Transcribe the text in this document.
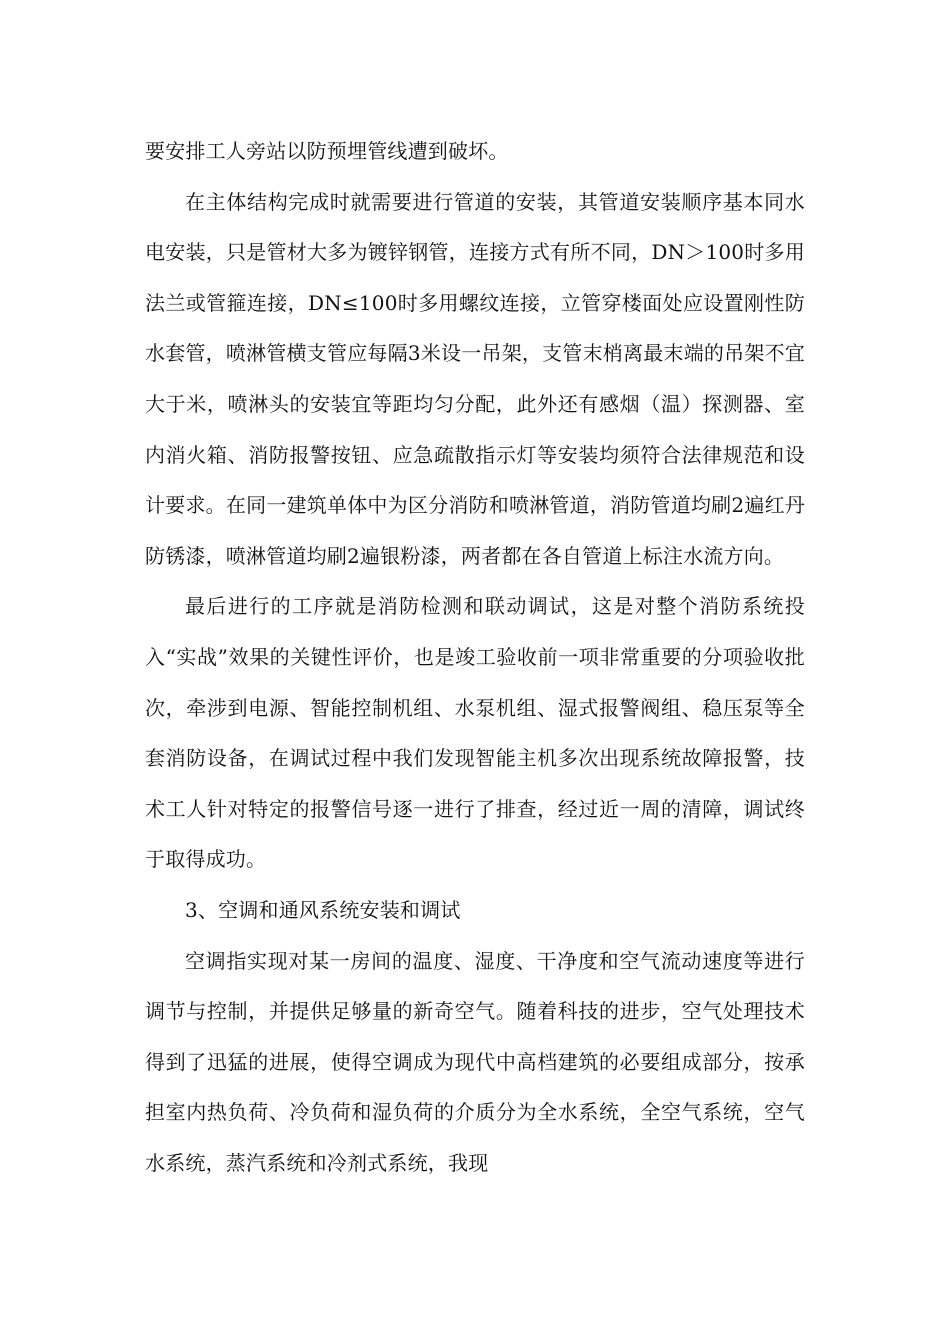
要安排工人旁站以防预埋管线遭到破坏。

在主体结构完成时就需要进行管道的安装，其管道安装顺序基本同水电安装，只是管材大多为镀锌钢管，连接方式有所不同，DN＞100时多用法兰或管箍连接，DN≤100时多用螺纹连接，立管穿楼面处应设置刚性防水套管，喷淋管横支管应每隔3米设一吊架，支管末梢离最末端的吊架不宜大于米，喷淋头的安装宜等距均匀分配，此外还有感烟（温）探测器、室内消火箱、消防报警按钮、应急疏散指示灯等安装均须符合法律规范和设计要求。在同一建筑单体中为区分消防和喷淋管道，消防管道均刷2遍红丹防锈漆，喷淋管道均刷2遍银粉漆，两者都在各自管道上标注水流方向。

最后进行的工序就是消防检测和联动调试，这是对整个消防系统投入“实战”效果的关键性评价，也是竣工验收前一项非常重要的分项验收批次，牵涉到电源、智能控制机组、水泵机组、湿式报警阀组、稳压泵等全套消防设备，在调试过程中我们发现智能主机多次出现系统故障报警，技术工人针对特定的报警信号逐一进行了排查，经过近一周的清障，调试终于取得成功。

3、空调和通风系统安装和调试

空调指实现对某一房间的温度、湿度、干净度和空气流动速度等进行调节与控制，并提供足够量的新奇空气。随着科技的进步，空气处理技术得到了迅猛的进展，使得空调成为现代中高档建筑的必要组成部分，按承担室内热负荷、冷负荷和湿负荷的介质分为全水系统，全空气系统，空气水系统，蒸汽系统和冷剂式系统，我现
